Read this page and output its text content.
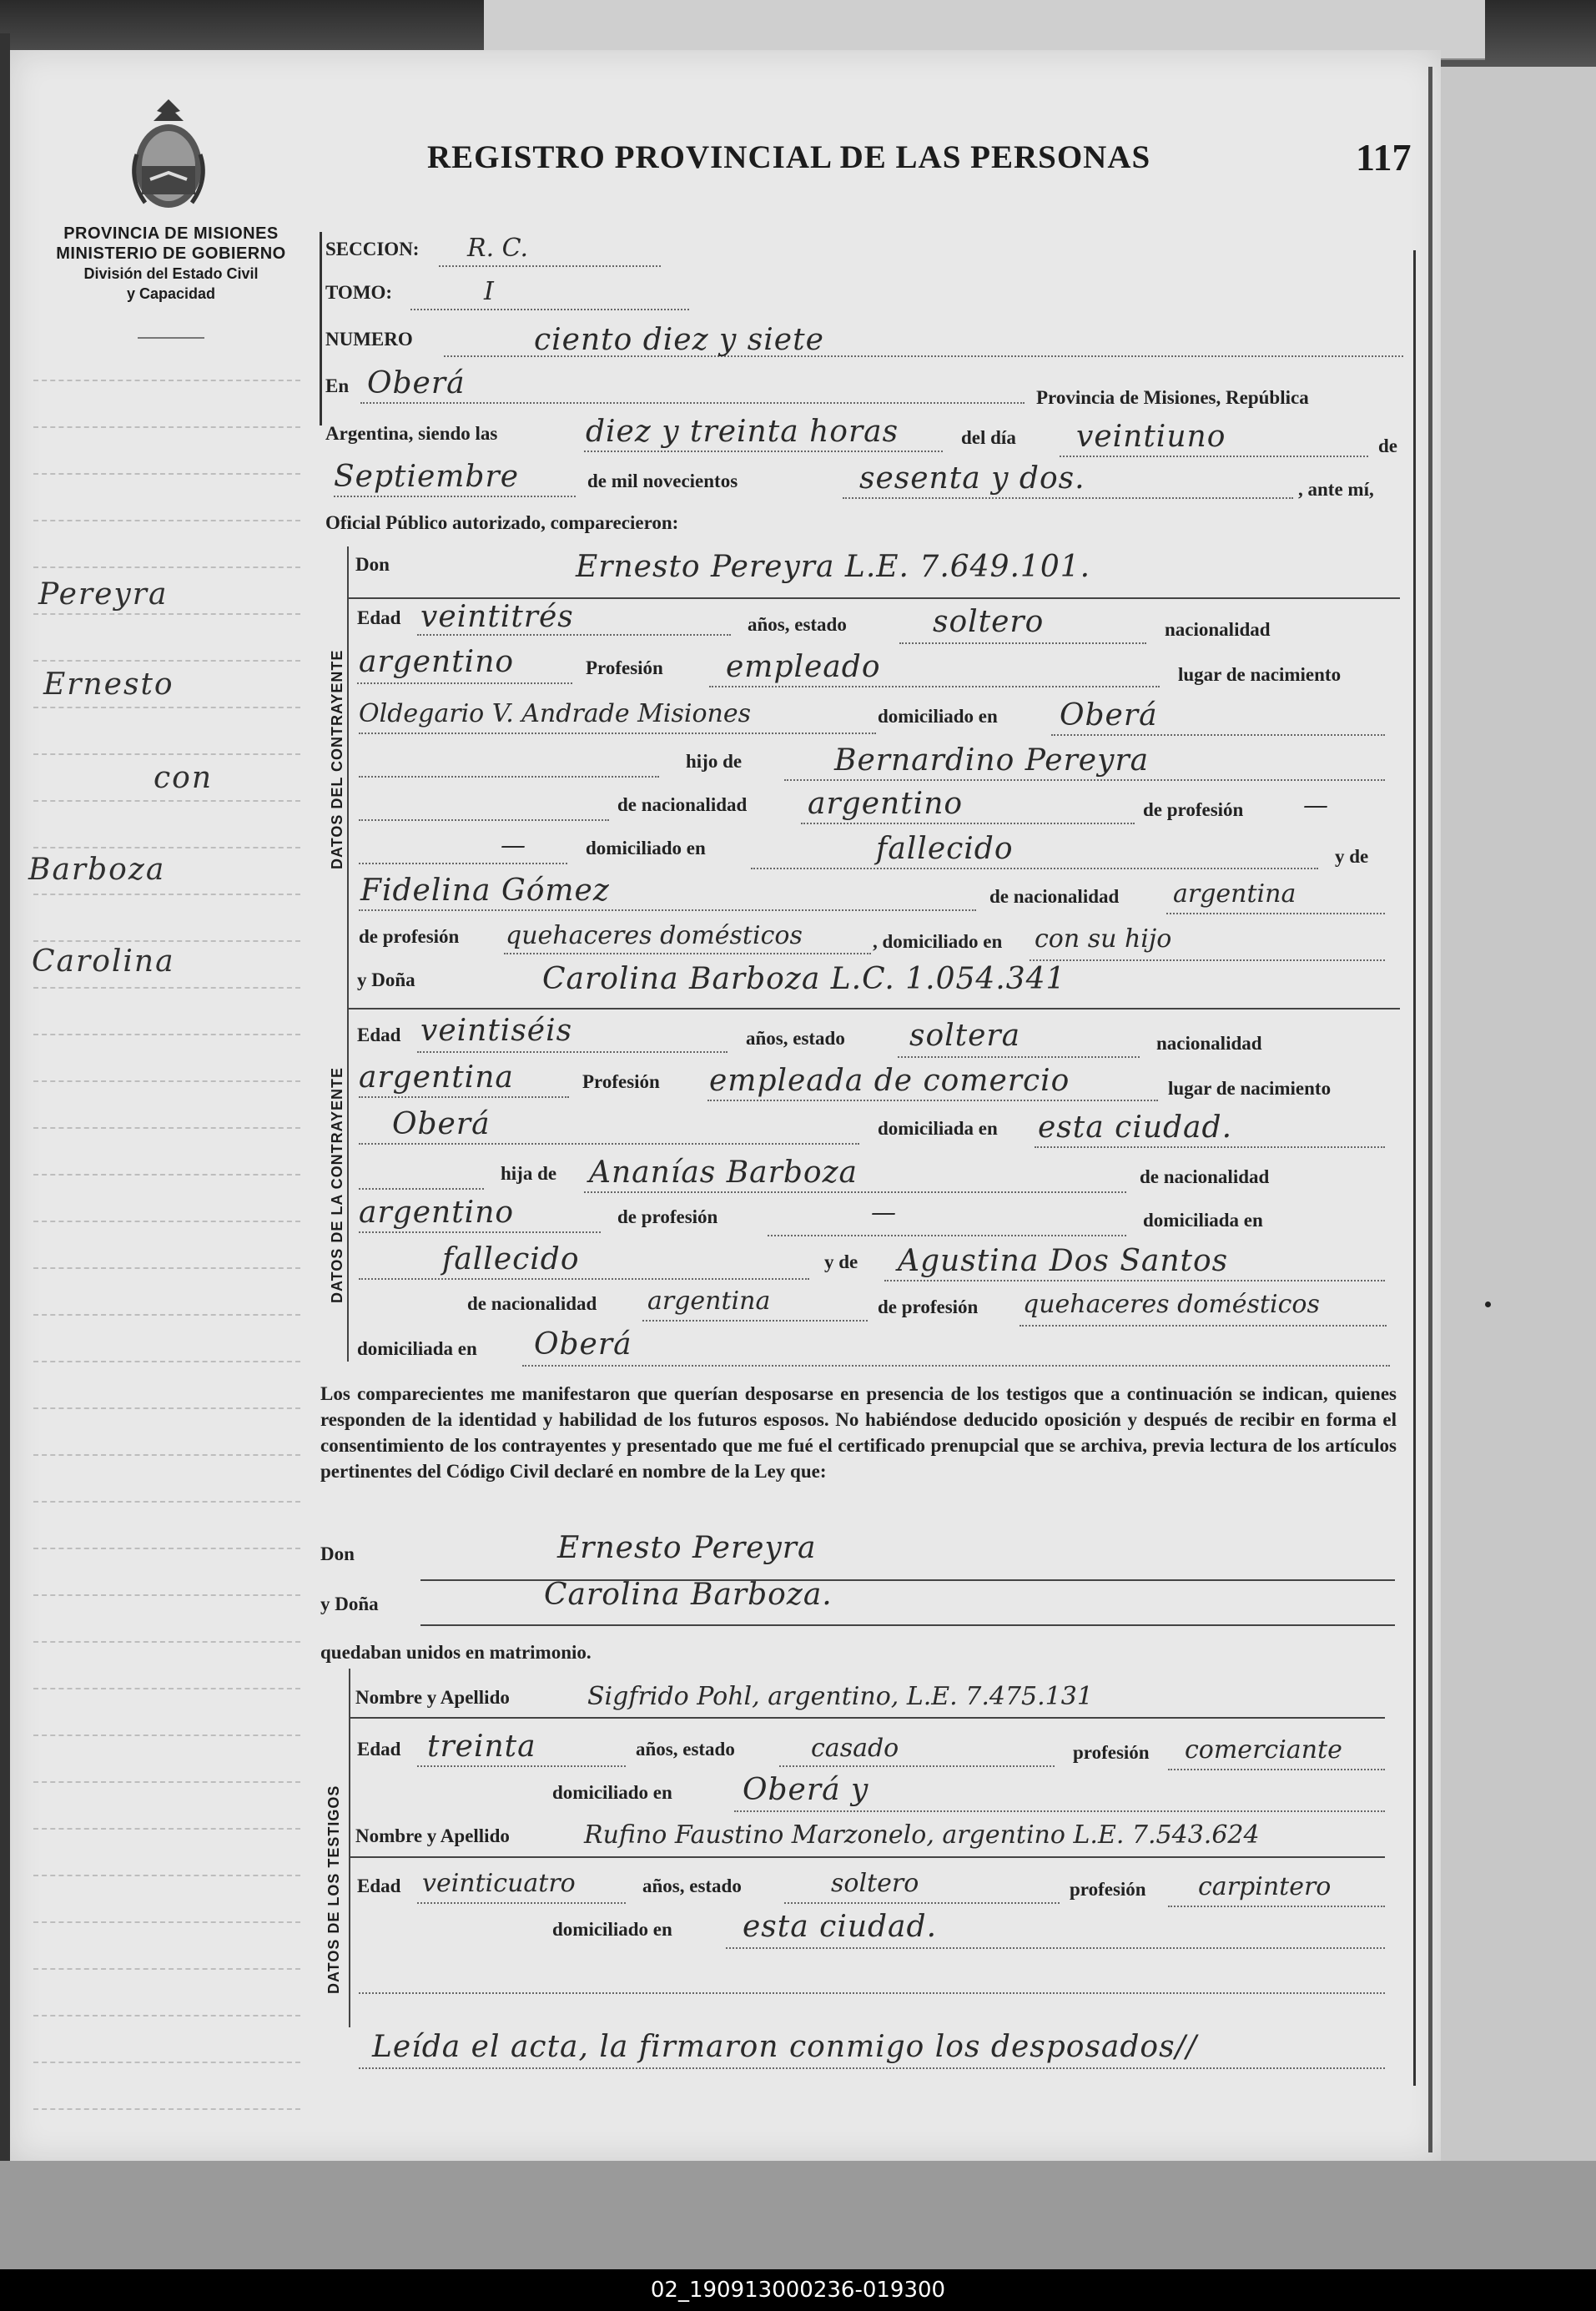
REGISTRO PROVINCIAL DE LAS PERSONAS	117
PROVINCIA DE MISIONES
MINISTERIO DE GOBIERNO
División del Estado Civil
y Capacidad
Pereyra
Ernesto
con
Barboza
Carolina
DATOS DEL CONTRAYENTE
DATOS DE LA CONTRAYENTE
DATOS DE LOS TESTIGOS
SECCION: R. C.
TOMO:	I
NUMERO	ciento diez y siete
En Oberá	Provincia de Misiones, República
Argentina, siendo las	diez y treinta horas	del día veintiuno	de
Septiembre	de mil novecientos	sesenta y dos.	, ante mí,
Oficial Público autorizado, comparecieron:
Don	Ernesto Pereyra L.E. 7.649.101.
Edad veintitrés	años, estado	soltero	nacionalidad
argentino	Profesión empleado	lugar de nacimiento
Oldegario V. Andrade Misiones	domiciliado en Oberá
hijo de	Bernardino Pereyra
de nacionalidad argentino	de profesión —
—	domiciliado en	fallecido	y de
Fidelina Gómez	de nacionalidad argentina
de profesión quehaceres domésticos	, domiciliado en con su hijo
y Doña	Carolina Barboza L.C. 1.054.341
Edad veintiséis	años, estado soltera	nacionalidad
argentina	Profesión empleada de comercio	lugar de nacimiento
Oberá	domiciliada en esta ciudad.
hija de Ananías Barboza	de nacionalidad
argentino	de profesión	—	domiciliada en
fallecido	y de Agustina Dos Santos
de nacionalidad argentina	de profesión quehaceres domésticos
domiciliada en Oberá
Los comparecientes me manifestaron que querían desposarse en presencia de los testigos que a continuación se indican, quienes responden de la identidad y habilidad de los futuros esposos. No habiéndose deducido oposición y después de recibir en forma el consentimiento de los contrayentes y presentado que me fué el certificado prenupcial que se archiva, previa lectura de los artículos pertinentes del Código Civil declaré en nombre de la Ley que:
Don	Ernesto Pereyra
y Doña	Carolina Barboza.
quedaban unidos en matrimonio.
Nombre y Apellido	Sigfrido Pohl, argentino, L.E. 7.475.131
Edad treinta	años, estado	casado	profesión comerciante
domiciliado en Oberá y
Nombre y Apellido	Rufino Faustino Marzonelo, argentino L.E. 7.543.624
Edad veinticuatro	años, estado	soltero	profesión carpintero
domiciliado en esta ciudad.
Leída el acta, la firmaron conmigo los desposados//
02_190913000236-019300
